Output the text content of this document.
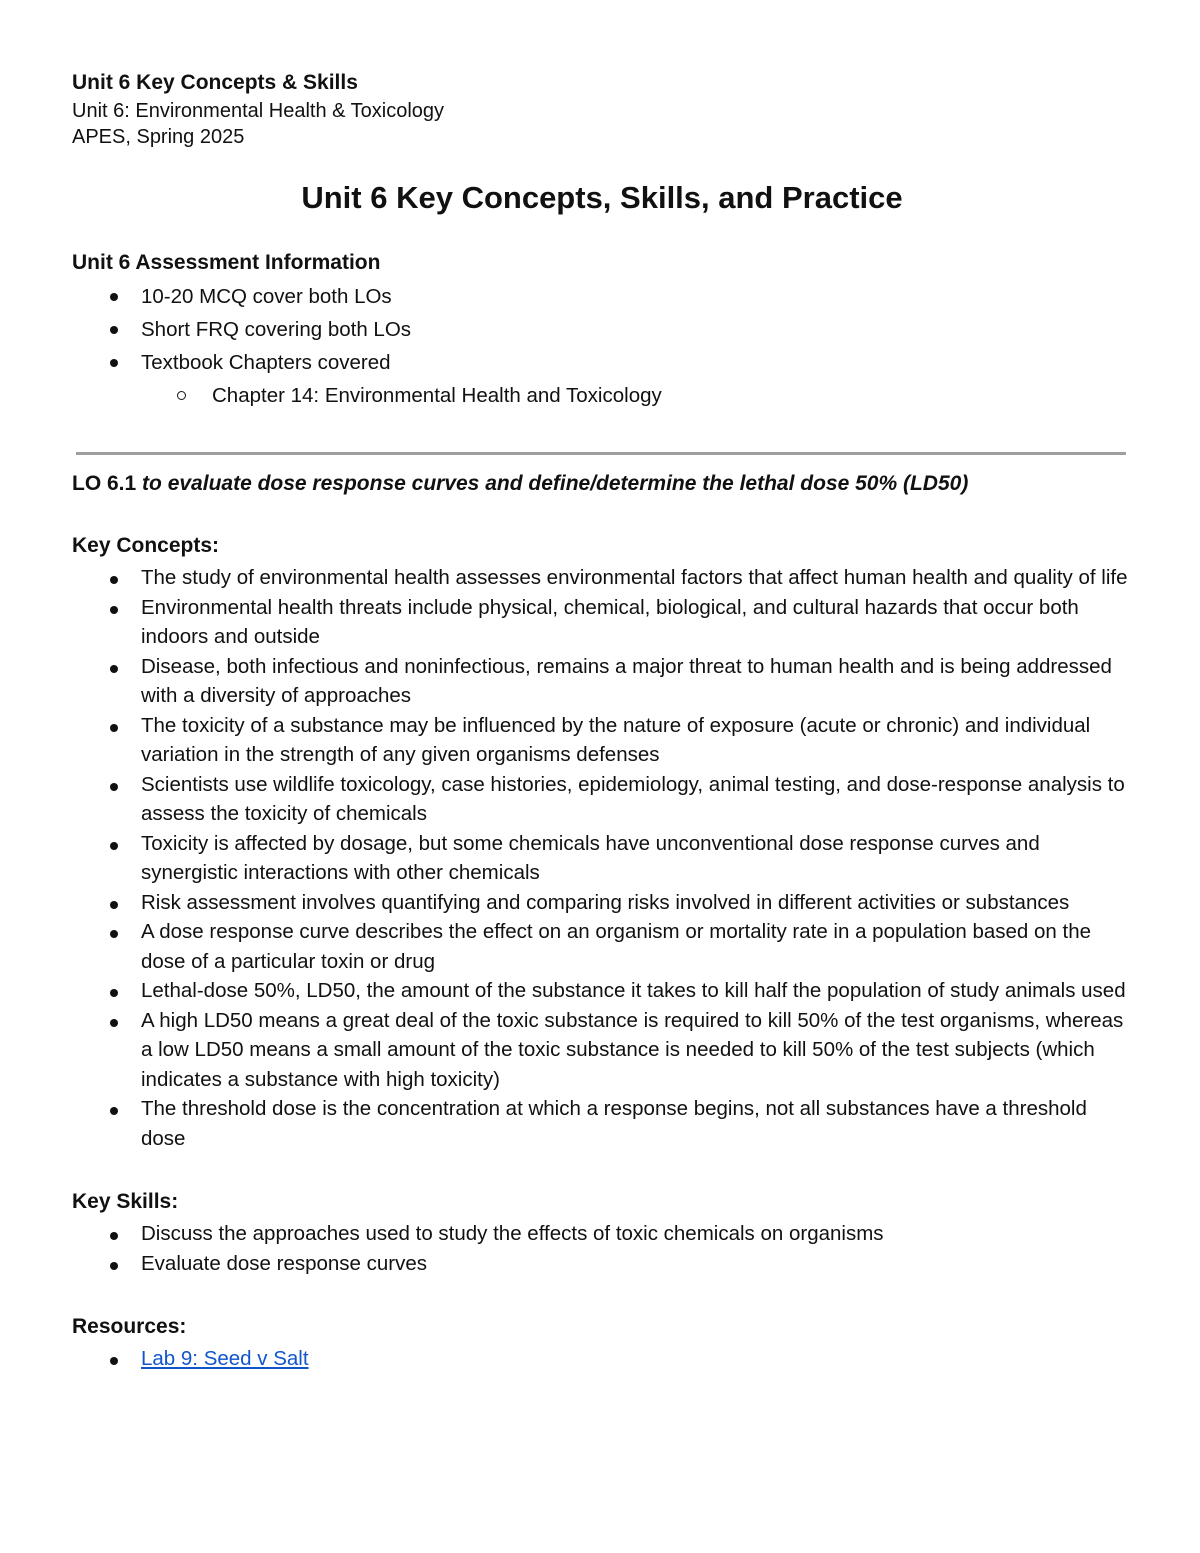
Unit 6 Key Concepts & Skills

Unit 6: Environmental Health & Toxicology

APES, Spring 2025

Unit 6 Key Concepts, Skills, and Practice

Unit 6 Assessment Information

10-20 MCQ cover both LOs
Short FRQ covering both LOs
Textbook Chapters covered
Chapter 14: Environmental Health and Toxicology

LO 6.1 to evaluate dose response curves and define/determine the lethal dose 50% (LD50)

Key Concepts:

The study of environmental health assesses environmental factors that affect human health and quality of life
Environmental health threats include physical, chemical, biological, and cultural hazards that occur both indoors and outside
Disease, both infectious and noninfectious, remains a major threat to human health and is being addressed with a diversity of approaches
The toxicity of a substance may be influenced by the nature of exposure (acute or chronic) and individual variation in the strength of any given organisms defenses
Scientists use wildlife toxicology, case histories, epidemiology, animal testing, and dose-response analysis to assess the toxicity of chemicals
Toxicity is affected by dosage, but some chemicals have unconventional dose response curves and synergistic interactions with other chemicals
Risk assessment involves quantifying and comparing risks involved in different activities or substances
A dose response curve describes the effect on an organism or mortality rate in a population based on the dose of a particular toxin or drug
Lethal-dose 50%, LD50, the amount of the substance it takes to kill half the population of study animals used
A high LD50 means a great deal of the toxic substance is required to kill 50% of the test organisms, whereas a low LD50 means a small amount of the toxic substance is needed to kill 50% of the test subjects (which indicates a substance with high toxicity)
The threshold dose is the concentration at which a response begins, not all substances have a threshold dose

Key Skills:

Discuss the approaches used to study the effects of toxic chemicals on organisms
Evaluate dose response curves

Resources:

Lab 9: Seed v Salt
